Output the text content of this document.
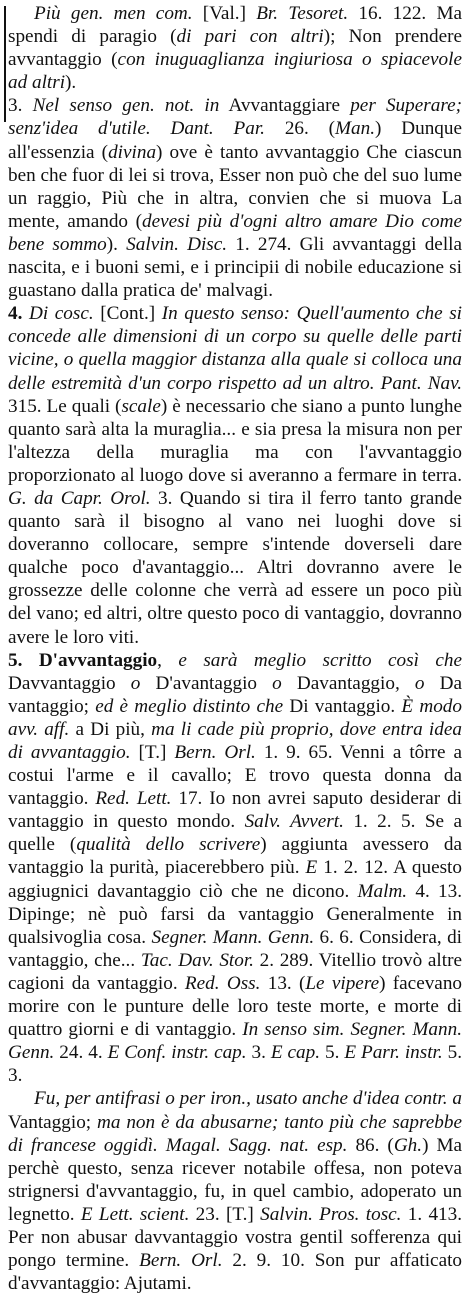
Più gen. men com. [Val.] Br. Tesoret. 16. 122. Ma spendi di paragio (di pari con altri); Non prendere avvantaggio (con inuguaglianza ingiuriosa o spiacevole ad altri).

3. Nel senso gen. not. in Avvantaggiare per Superare; senz'idea d'utile. Dant. Par. 26. (Man.) Dunque all'essenzia (divina) ove è tanto avvantaggio Che ciascun ben che fuor di lei si trova, Esser non può che del suo lume un raggio, Più che in altra, convien che si muova La mente, amando (devesi più d'ogni altro amare Dio come bene sommo). Salvin. Disc. 1. 274. Gli avvantaggi della nascita, e i buoni semi, e i principii di nobile educazione si guastano dalla pratica de' malvagi.

4. Di cosc. [Cont.] In questo senso: Quell'aumento che si concede alle dimensioni di un corpo su quelle delle parti vicine, o quella maggior distanza alla quale si colloca una delle estremità d'un corpo rispetto ad un altro. Pant. Nav. 315. Le quali (scale) è necessario che siano a punto lunghe quanto sarà alta la muraglia... e sia presa la misura non per l'altezza della muraglia ma con l'avvantaggio proporzionato al luogo dove si averanno a fermare in terra. G. da Capr. Orol. 3. Quando si tira il ferro tanto grande quanto sarà il bisogno al vano nei luoghi dove si doveranno collocare, sempre s'intende doverseli dare qualche poco d'avantaggio... Altri dovranno avere le grossezze delle colonne che verrà ad essere un poco più del vano; ed altri, oltre questo poco di vantaggio, dovranno avere le loro viti.

5. D'avvantaggio, e sarà meglio scritto così che Davvantaggio o D'avantaggio o Davantaggio, o Da vantaggio; ed è meglio distinto che Di vantaggio. È modo avv. aff. a Di più, ma li cade più proprio, dove entra idea di avvantaggio. [T.] Bern. Orl. 1. 9. 65. Venni a tôrre a costui l'arme e il cavallo; E trovo questa donna da vantaggio. Red. Lett. 17. Io non avrei saputo desiderar di vantaggio in questo mondo. Salv. Avvert. 1. 2. 5. Se a quelle (qualità dello scrivere) aggiunta avessero da vantaggio la purità, piacerebbero più. E 1. 2. 12. A questo aggiugnici davantaggio ciò che ne dicono. Malm. 4. 13. Dipinge; nè può farsi da vantaggio Generalmente in qualsivoglia cosa. Segner. Mann. Genn. 6. 6. Considera, di vantaggio, che... Tac. Dav. Stor. 2. 289. Vitellio trovò altre cagioni da vantaggio. Red. Oss. 13. (Le vipere) facevano morire con le punture delle loro teste morte, e morte di quattro giorni e di vantaggio. In senso sim. Segner. Mann. Genn. 24. 4. E Conf. instr. cap. 3. E cap. 5. E Parr. instr. 5. 3.

Fu, per antifrasi o per iron., usato anche d'idea contr. a Vantaggio; ma non è da abusarne; tanto più che saprebbe di francese oggidì. Magal. Sagg. nat. esp. 86. (Gh.) Ma perchè questo, senza ricever notabile offesa, non poteva strignersi d'avvantaggio, fu, in quel cambio, adoperato un legnetto. E Lett. scient. 23. [T.] Salvin. Pros. tosc. 1. 413. Per non abusar davvantaggio vostra gentil sofferenza qui pongo termine. Bern. Orl. 2. 9. 10. Son pur affaticato d'avvantaggio: Ajutami.
